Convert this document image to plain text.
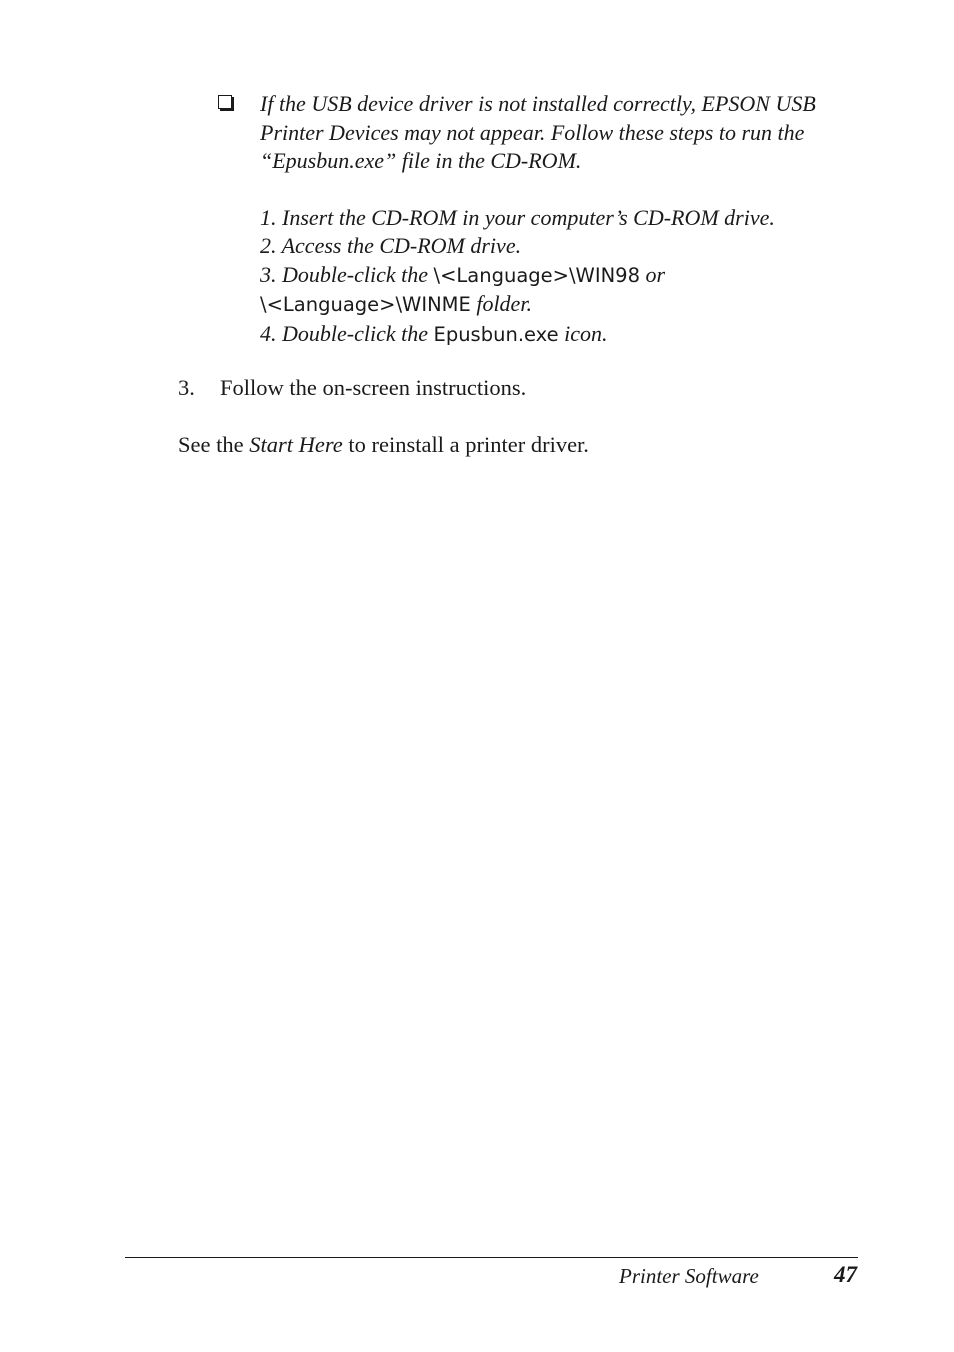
If the USB device driver is not installed correctly, EPSON USB
Printer Devices may not appear. Follow these steps to run the
“Epusbun.exe” file in the CD-ROM.

1. Insert the CD-ROM in your computer’s CD-ROM drive.

2. Access the CD-ROM drive.

3. Double-click the \<Language>\WIN98 or
\<Language>\WINME folder.

4. Double-click the Epusbun.exe icon.

3. Follow the on-screen instructions.
See the Start Here to reinstall a printer driver.
Printer Software	47
